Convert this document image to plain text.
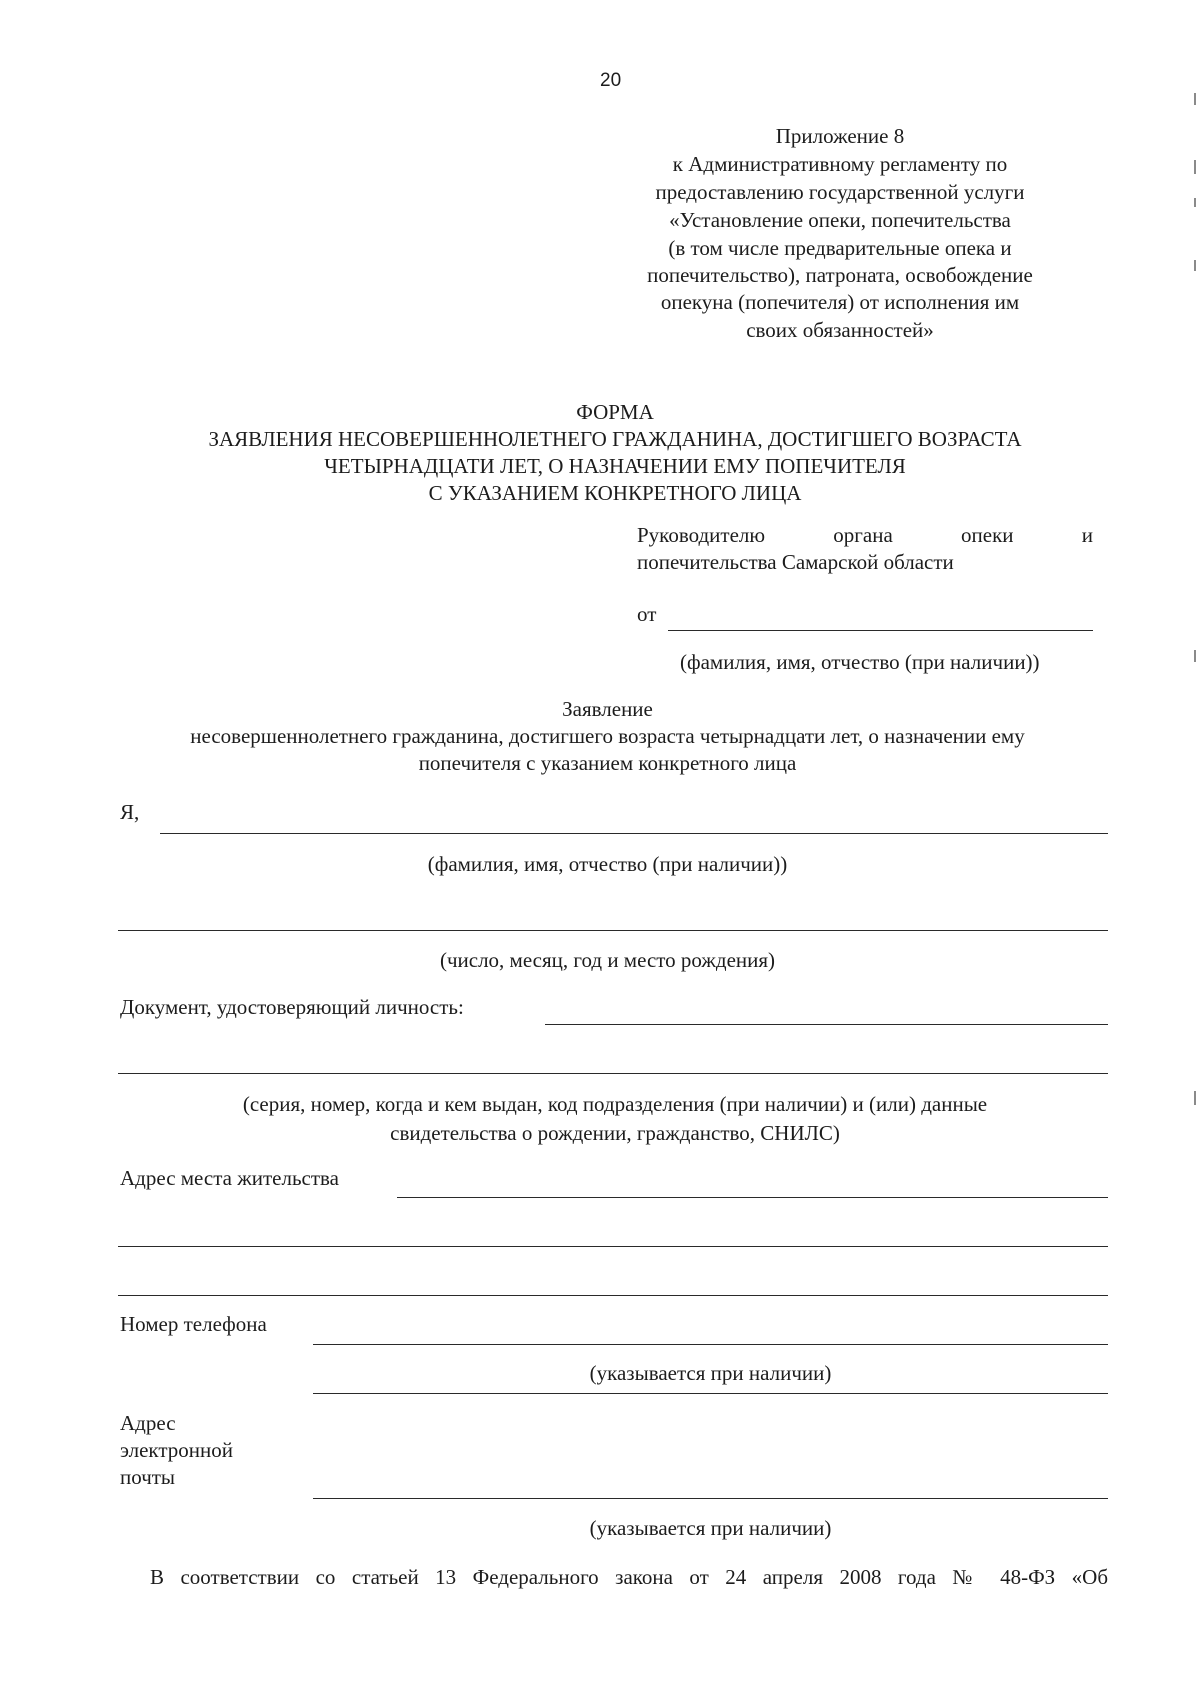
20
Приложение 8
к Административному регламенту по
предоставлению государственной услуги
«Установление опеки, попечительства
(в том числе предварительные опека и
попечительство), патроната, освобождение
опекуна (попечителя) от исполнения им
своих обязанностей»
ФОРМА
ЗАЯВЛЕНИЯ НЕСОВЕРШЕННОЛЕТНЕГО ГРАЖДАНИНА, ДОСТИГШЕГО ВОЗРАСТА
ЧЕТЫРНАДЦАТИ ЛЕТ, О НАЗНАЧЕНИИ ЕМУ ПОПЕЧИТЕЛЯ
С УКАЗАНИЕМ КОНКРЕТНОГО ЛИЦА
Руководителю	органа	опеки	и
попечительства Самарской области
от
(фамилия, имя, отчество (при наличии))
Заявление
несовершеннолетнего гражданина, достигшего возраста четырнадцати лет, о назначении ему
попечителя с указанием конкретного лица
Я,
(фамилия, имя, отчество (при наличии))
(число, месяц, год и место рождения)
Документ, удостоверяющий личность:
(серия, номер, когда и кем выдан, код подразделения (при наличии) и (или) данные
свидетельства о рождении, гражданство, СНИЛС)
Адрес места жительства
Номер телефона
(указывается при наличии)
Адрес
электронной
почты
(указывается при наличии)
В соответствии со статьей 13 Федерального закона от 24 апреля 2008 года № 48-ФЗ «Об
